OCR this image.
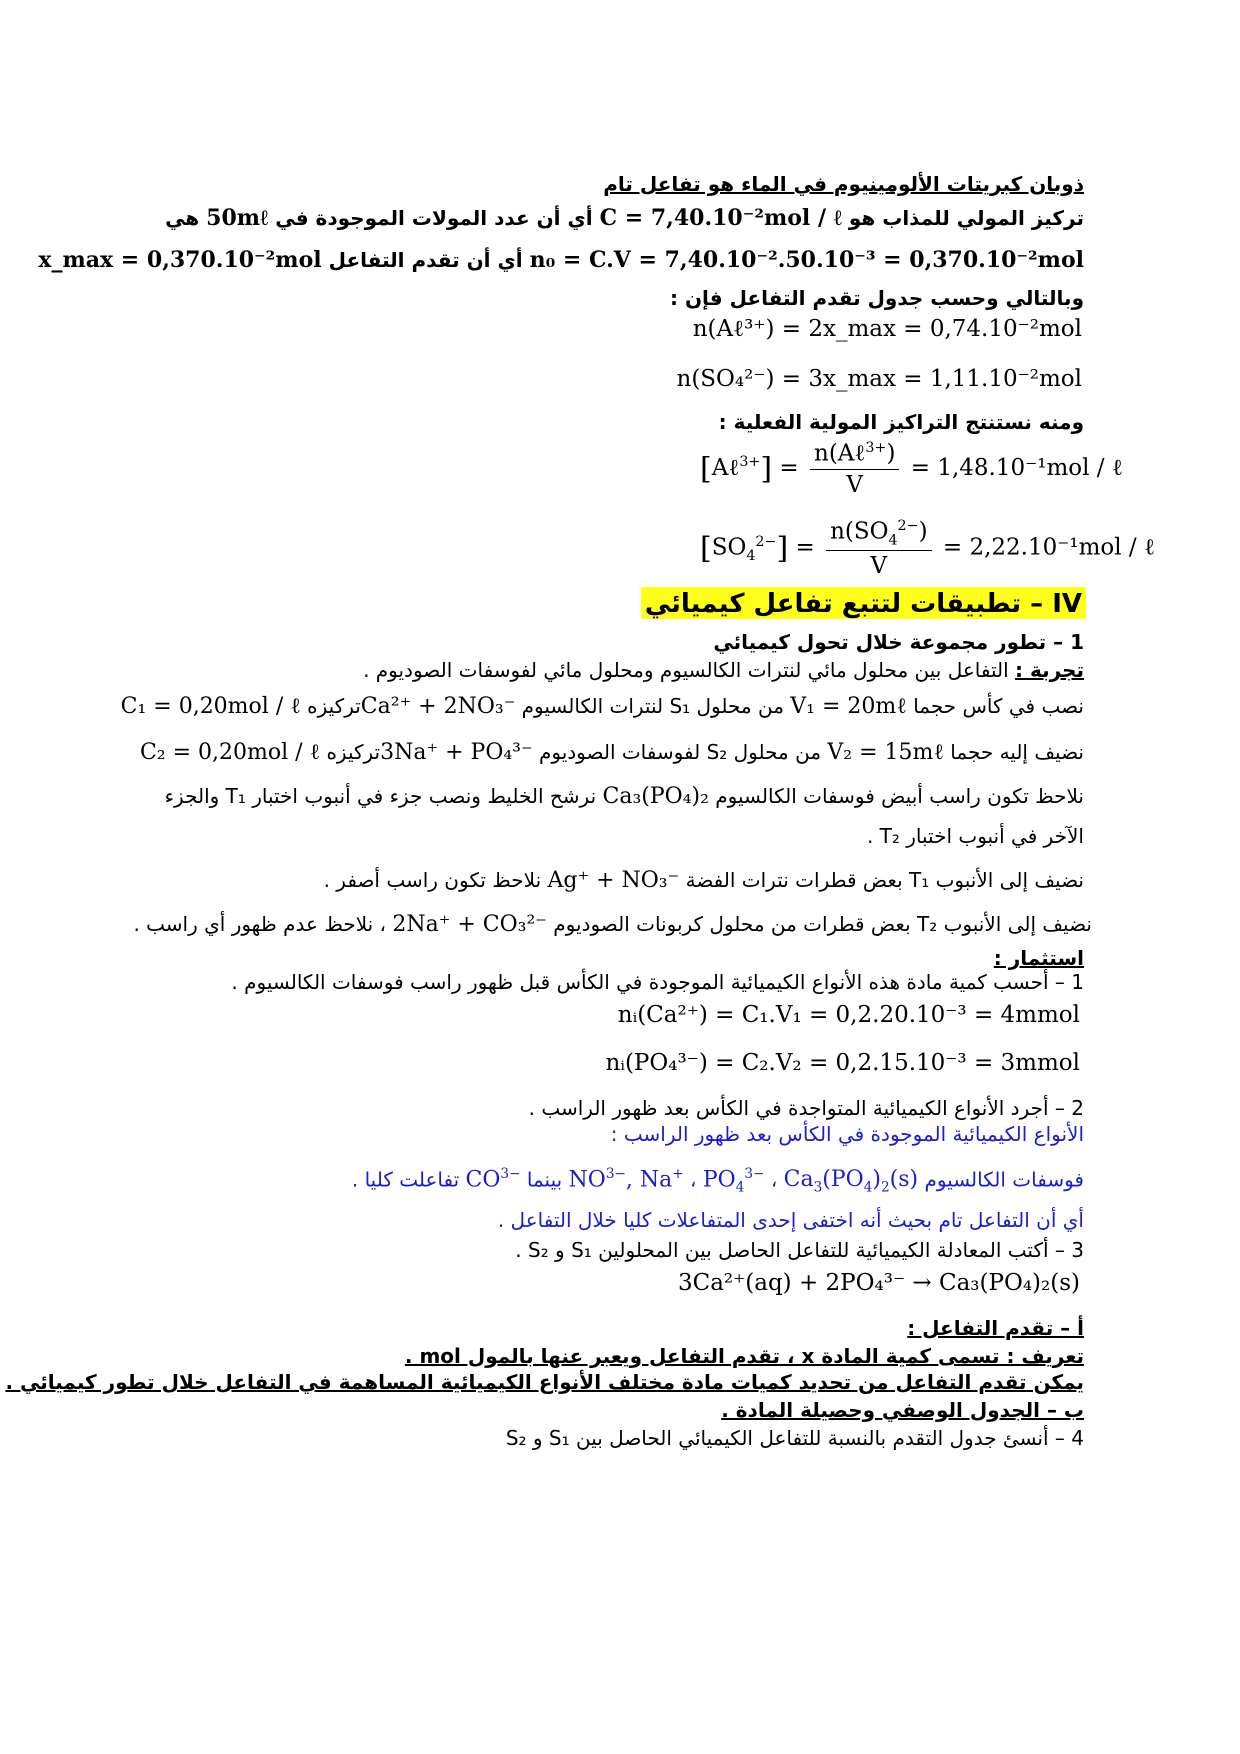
ذوبان كبريتات الألومينيوم في الماء هو تفاعل تام
تركيز المولي للمذاب هو C = 7,40.10⁻²mol / ℓ أي أن عدد المولات الموجودة في 50mℓ هي
n₀ = C.V = 7,40.10⁻².50.10⁻³ = 0,370.10⁻²mol أي أن تقدم التفاعل x_max = 0,370.10⁻²mol
وبالتالي وحسب جدول تقدم التفاعل فإن :
n(Aℓ³⁺) = 2x_max = 0,74.10⁻²mol
n(SO₄²⁻) = 3x_max = 1,11.10⁻²mol
ومنه نستنتج التراكيز المولية الفعلية :
[Aℓ$^{3+}$] = $\frac{n(A\ell^{3+})}{V} = 1,48.10^{-1}mol$ / ℓ
$[SO_4^{2-}] = \frac{n(SO_4^{2-})}{V} = 2,22.10^{-1}mol$ / ℓ
IV – تطبيقات لتتبع تفاعل كيميائي
1 – تطور مجموعة خلال تحول كيميائي
تجربة : التفاعل بين محلول مائي لنترات الكالسيوم ومحلول مائي لفوسفات الصوديوم .
نصب في كأس حجما V₁ = 20mℓ من محلول S₁ لنترات الكالسيوم Ca²⁺ + 2NO₃⁻تركيزه C₁ = 0,20mol / ℓ
نضيف إليه حجما V₂ = 15mℓ من محلول S₂ لفوسفات الصوديوم 3Na⁺ + PO₄³⁻تركيزه C₂ = 0,20mol / ℓ
نلاحظ تكون راسب أبيض فوسفات الكالسيوم Ca₃(PO₄)₂ نرشح الخليط ونصب جزء في أنبوب اختبار T₁ والجزء
الآخر في أنبوب اختبار T₂ .
نضيف إلى الأنبوب T₁ بعض قطرات نترات الفضة Ag⁺ + NO₃⁻ نلاحظ تكون راسب أصفر .
نضيف إلى الأنبوب T₂ بعض قطرات من محلول كربونات الصوديوم 2Na⁺ + CO₃²⁻ ، نلاحظ عدم ظهور أي راسب .
استثمار :
1 – أحسب كمية مادة هذه الأنواع الكيميائية الموجودة في الكأس قبل ظهور راسب فوسفات الكالسيوم .
nᵢ(Ca²⁺) = C₁.V₁ = 0,2.20.10⁻³ = 4mmol
nᵢ(PO₄³⁻) = C₂.V₂ = 0,2.15.10⁻³ = 3mmol
2 – أجرد الأنواع الكيميائية المتواجدة في الكأس بعد ظهور الراسب .
الأنواع الكيميائية الموجودة في الكأس بعد ظهور الراسب :
فوسفات الكالسيوم $Ca_3(PO_4)_2(s)$ ، $PO_4^{3-}$ ، $NO^{3-}$, Na+ بينما $CO^{3-}$ تفاعلت كليا .
أي أن التفاعل تام بحيث أنه اختفى إحدى المتفاعلات كليا خلال التفاعل .
3 – أكتب المعادلة الكيميائية للتفاعل الحاصل بين المحلولين S₁ و S₂ .
3Ca²⁺(aq) + 2PO₄³⁻ → Ca₃(PO₄)₂(s)
أ – تقدم التفاعل :
تعريف : تسمى كمية المادة x ، تقدم التفاعل ويعبر عنها بالمول mol .
يمكن تقدم التفاعل من تحديد كميات مادة مختلف الأنواع الكيميائية المساهمة في التفاعل خلال تطور كيميائي .
ب – الجدول الوصفي وحصيلة المادة .
4 – أنسئ جدول التقدم بالنسبة للتفاعل الكيميائي الحاصل بين S₁ و S₂
